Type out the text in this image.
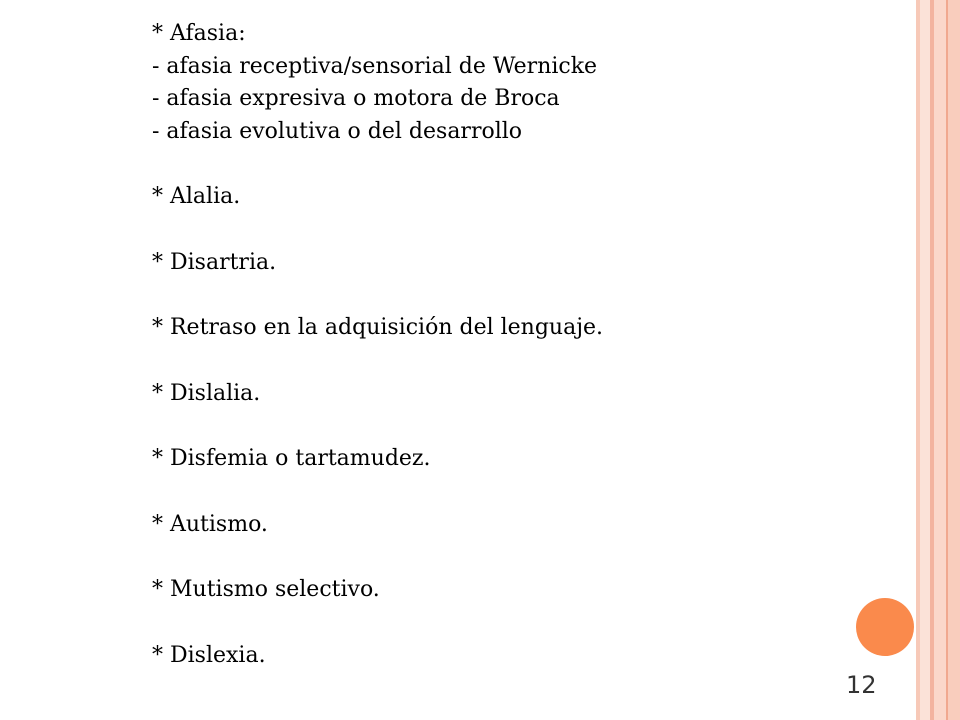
* Afasia:
- afasia receptiva/sensorial de Wernicke
- afasia expresiva o motora de Broca
- afasia evolutiva o del desarrollo
* Alalia.
* Disartria.
* Retraso en la adquisición del lenguaje.
* Dislalia.
* Disfemia o tartamudez.
* Autismo.
* Mutismo selectivo.
* Dislexia.
12
